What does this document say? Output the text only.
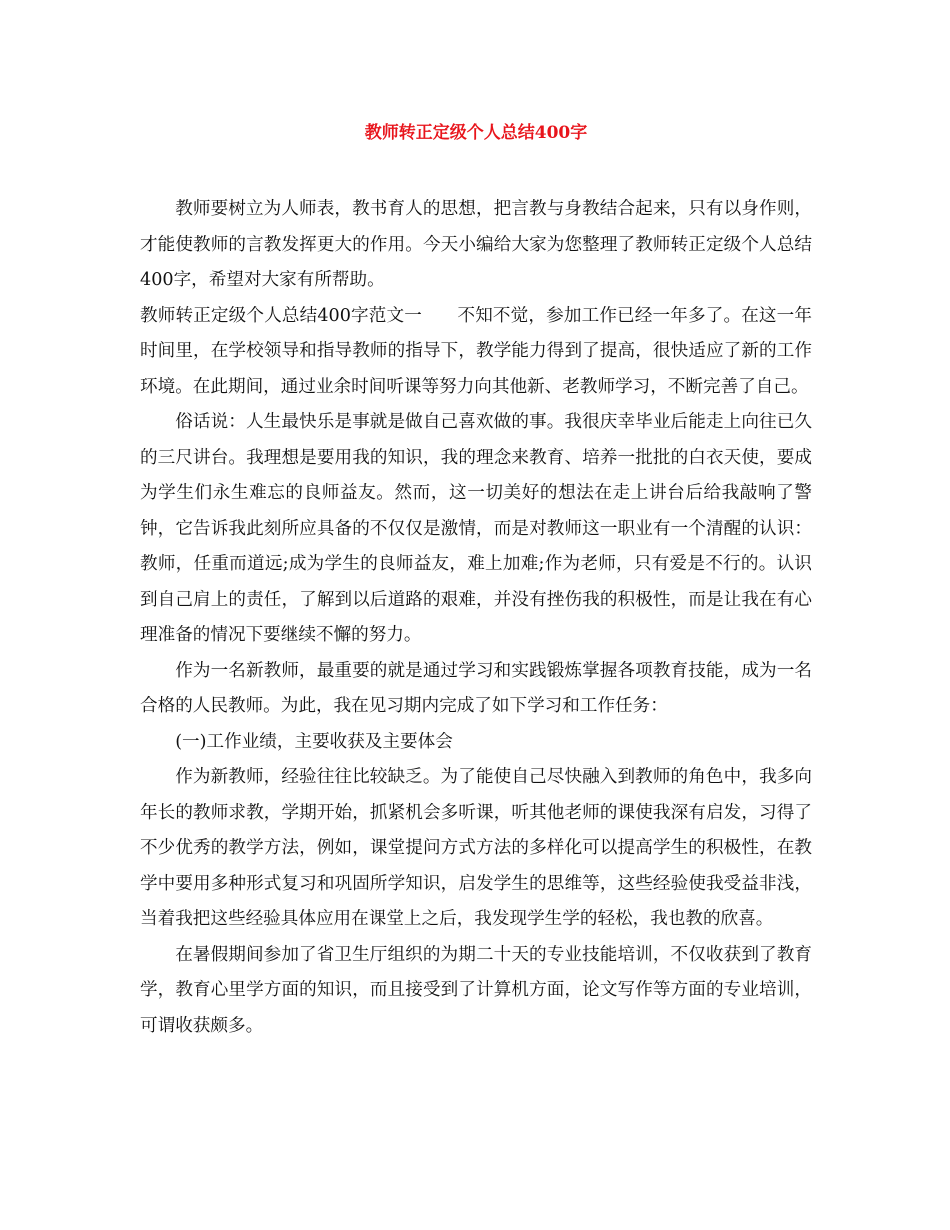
教师转正定级个人总结400字

教师要树立为人师表，教书育人的思想，把言教与身教结合起来，只有以身作则，才能使教师的言教发挥更大的作用。今天小编给大家为您整理了教师转正定级个人总结400字，希望对大家有所帮助。

教师转正定级个人总结400字范文一　　不知不觉，参加工作已经一年多了。在这一年时间里，在学校领导和指导教师的指导下，教学能力得到了提高，很快适应了新的工作环境。在此期间，通过业余时间听课等努力向其他新、老教师学习，不断完善了自己。

俗话说：人生最快乐是事就是做自己喜欢做的事。我很庆幸毕业后能走上向往已久的三尺讲台。我理想是要用我的知识，我的理念来教育、培养一批批的白衣天使，要成为学生们永生难忘的良师益友。然而，这一切美好的想法在走上讲台后给我敲响了警钟，它告诉我此刻所应具备的不仅仅是激情，而是对教师这一职业有一个清醒的认识：教师，任重而道远;成为学生的良师益友，难上加难;作为老师，只有爱是不行的。认识到自己肩上的责任，了解到以后道路的艰难，并没有挫伤我的积极性，而是让我在有心理准备的情况下要继续不懈的努力。

作为一名新教师，最重要的就是通过学习和实践锻炼掌握各项教育技能，成为一名合格的人民教师。为此，我在见习期内完成了如下学习和工作任务：

(一)工作业绩，主要收获及主要体会

作为新教师，经验往往比较缺乏。为了能使自己尽快融入到教师的角色中，我多向年长的教师求教，学期开始，抓紧机会多听课，听其他老师的课使我深有启发，习得了不少优秀的教学方法，例如，课堂提问方式方法的多样化可以提高学生的积极性，在教学中要用多种形式复习和巩固所学知识，启发学生的思维等，这些经验使我受益非浅，当着我把这些经验具体应用在课堂上之后，我发现学生学的轻松，我也教的欣喜。

在暑假期间参加了省卫生厅组织的为期二十天的专业技能培训，不仅收获到了教育学，教育心里学方面的知识，而且接受到了计算机方面，论文写作等方面的专业培训，可谓收获颇多。
